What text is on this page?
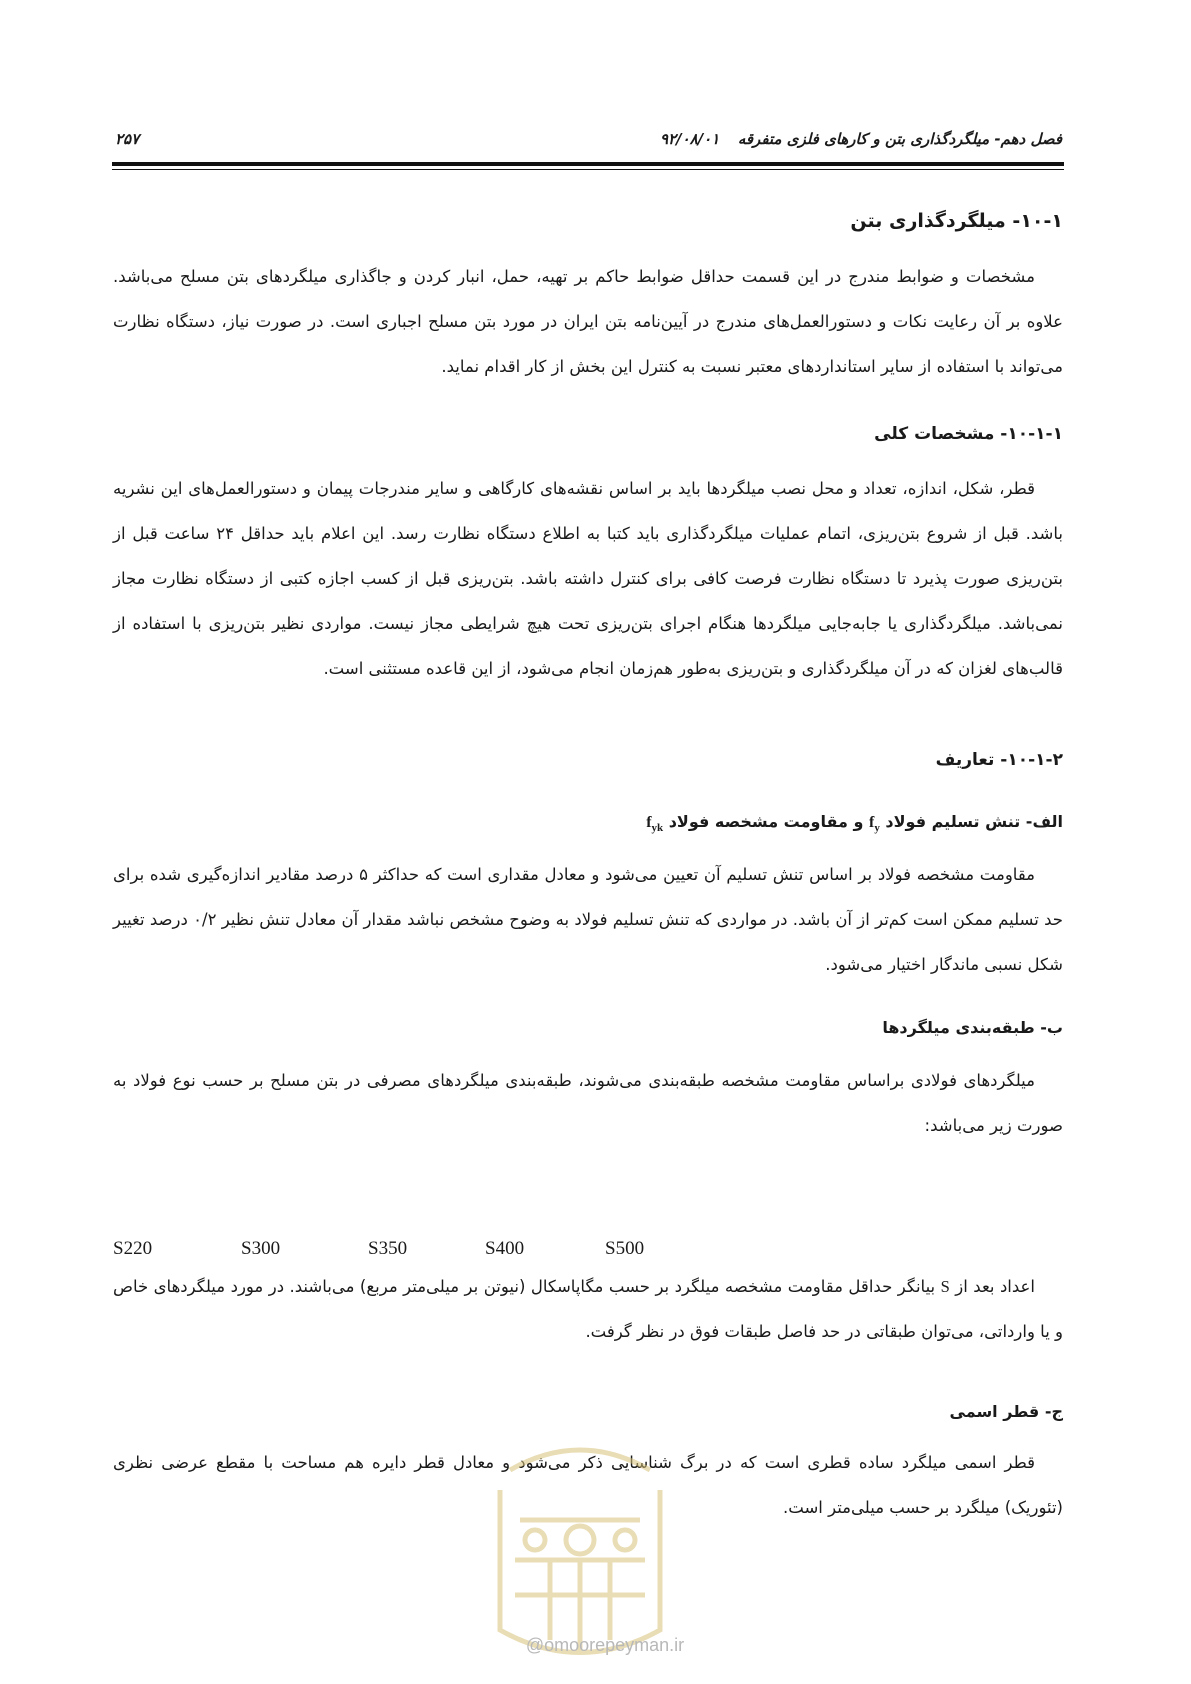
فصل دهم- میلگردگذاری بتن و کارهای فلزی متفرقه
۹۲/۰۸/۰۱
۲۵۷
۱۰-۱- میلگردگذاری بتن
مشخصات و ضوابط مندرج در این قسمت حداقل ضوابط حاکم بر تهیه، حمل، انبار کردن و جاگذاری میلگردهای بتن مسلح می‌باشد. علاوه بر آن رعایت نکات و دستورالعمل‌های مندرج در آیین‌نامه بتن ایران در مورد بتن مسلح اجباری است. در صورت نیاز، دستگاه نظارت می‌تواند با استفاده از سایر استانداردهای معتبر نسبت به کنترل این بخش از کار اقدام نماید.
۱۰-۱-۱- مشخصات کلی
قطر، شکل، اندازه، تعداد و محل نصب میلگردها باید بر اساس نقشه‌های کارگاهی و سایر مندرجات پیمان و دستورالعمل‌های این نشریه باشد. قبل از شروع بتن‌ریزی، اتمام عملیات میلگردگذاری باید کتبا به اطلاع دستگاه نظارت رسد. این اعلام باید حداقل ۲۴ ساعت قبل از بتن‌ریزی صورت پذیرد تا دستگاه نظارت فرصت کافی برای کنترل داشته باشد. بتن‌ریزی قبل از کسب اجازه کتبی از دستگاه نظارت مجاز نمی‌باشد. میلگردگذاری یا جابه‌جایی میلگردها هنگام اجرای بتن‌ریزی تحت هیچ شرایطی مجاز نیست. مواردی نظیر بتن‌ریزی با استفاده از قالب‌های لغزان که در آن میلگردگذاری و بتن‌ریزی به‌طور هم‌زمان انجام می‌شود، از این قاعده مستثنی است.
۱۰-۱-۲- تعاریف
الف- تنش تسلیم فولاد $f_y$ و مقاومت مشخصه فولاد $f_{yk}$
مقاومت مشخصه فولاد بر اساس تنش تسلیم آن تعیین می‌شود و معادل مقداری است که حداکثر ۵ درصد مقادیر اندازه‌گیری شده برای حد تسلیم ممکن است کم‌تر از آن باشد. در مواردی که تنش تسلیم فولاد به وضوح مشخص نباشد مقدار آن معادل تنش نظیر ۰/۲ درصد تغییر شکل نسبی ماندگار اختیار می‌شود.
ب- طبقه‌بندی میلگردها
میلگردهای فولادی براساس مقاومت مشخصه طبقه‌بندی می‌شوند، طبقه‌بندی میلگردهای مصرفی در بتن مسلح بر حسب نوع فولاد به صورت زیر می‌باشد:
S220	S300	S350	S400	S500
اعداد بعد از S بیانگر حداقل مقاومت مشخصه میلگرد بر حسب مگاپاسکال (نیوتن بر میلی‌متر مربع) می‌باشند. در مورد میلگردهای خاص و یا وارداتی، می‌توان طبقاتی در حد فاصل طبقات فوق در نظر گرفت.
ج- قطر اسمی
قطر اسمی میلگرد ساده قطری است که در برگ شناسایی ذکر می‌شود و معادل قطر دایره هم مساحت با مقطع عرضی نظری (تئوریک) میلگرد بر حسب میلی‌متر است.
@omoorepeyman.ir
